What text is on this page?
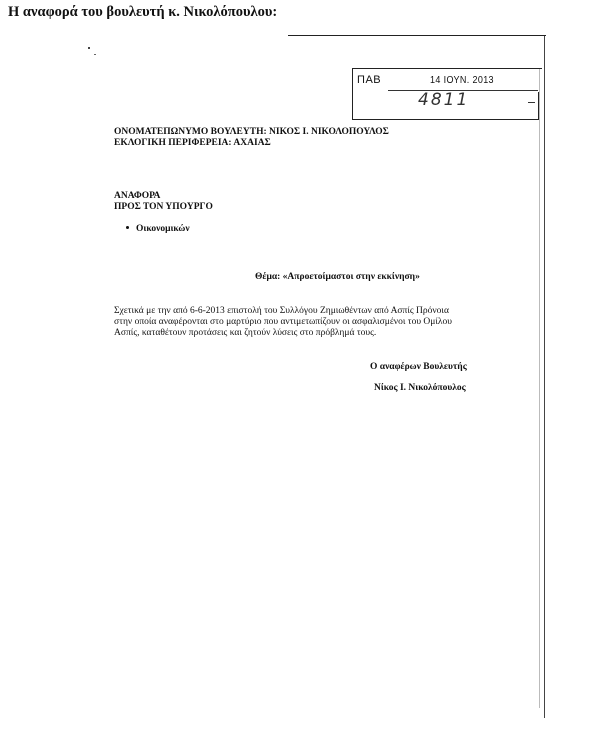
Η αναφορά του βουλευτή κ. Νικολόπουλου:
ΠΑΒ	14 ΙΟΥΝ. 2013
4811
ΟΝΟΜΑΤΕΠΩΝΥΜΟ ΒΟΥΛΕΥΤΗ: ΝΙΚΟΣ Ι. ΝΙΚΟΛΟΠΟΥΛΟΣ
ΕΚΛΟΓΙΚΗ ΠΕΡΙΦΕΡΕΙΑ: ΑΧΑΙΑΣ
ΑΝΑΦΟΡΑ
ΠΡΟΣ ΤΟΝ ΥΠΟΥΡΓΟ
Οικονομικών
Θέμα: «Απροετοίμαστοι στην εκκίνηση»
Σχετικά με την από 6-6-2013 επιστολή του Συλλόγου Ζημιωθέντων από Ασπίς Πρόνοια
στην οποία αναφέρονται στο μαρτύριο που αντιμετωπίζουν οι ασφαλισμένοι του Ομίλου
Ασπίς, καταθέτουν προτάσεις και ζητούν λύσεις στο πρόβλημά τους.
Ο αναφέρων Βουλευτής
Νίκος Ι. Νικολόπουλος
